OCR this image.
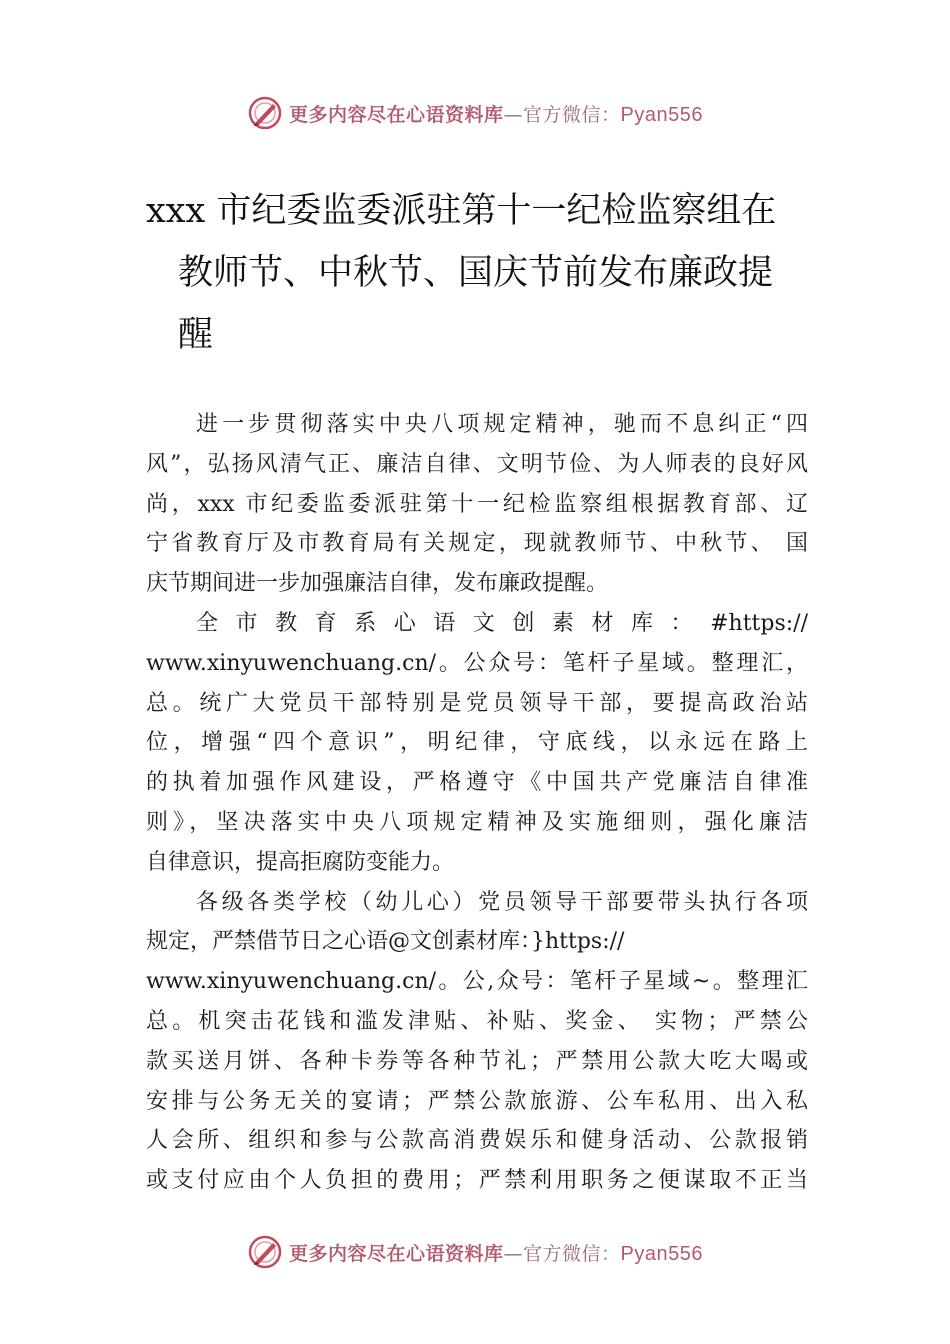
更多内容尽在心语资料库—官方微信：Pyan556
xxx 市纪委监委派驻第十一纪检监察组在
教师节、中秋节、国庆节前发布廉政提
醒
进一步贯彻落实中央八项规定精神，驰而不息纠正“四
风”，弘扬风清气正、廉洁自律、文明节俭、为人师表的良好风
尚，xxx 市纪委监委派驻第十一纪检监察组根据教育部、辽
宁省教育厅及市教育局有关规定，现就教师节、中秋节、 国
庆节期间进一步加强廉洁自律，发布廉政提醒。
全 市 教 育 系 心 语 文 创 素 材 库 ： #https://
www.xinyuwenchuang.cn/。公众号：笔杆子星域。整理汇，
总。统广大党员干部特别是党员领导干部，要提高政治站
位，增强“四个意识”，明纪律，守底线，以永远在路上
的执着加强作风建设，严格遵守《中国共产党廉洁自律准
则》，坚决落实中央八项规定精神及实施细则，强化廉洁
自律意识，提高拒腐防变能力。
各级各类学校（幼儿心）党员领导干部要带头执行各项
规定，严禁借节日之心语@文创素材库：}https://
www.xinyuwenchuang.cn/。公,众号：笔杆子星域~。整理汇
总。机突击花钱和滥发津贴、补贴、奖金、 实物；严禁公
款买送月饼、各种卡券等各种节礼；严禁用公款大吃大喝或
安排与公务无关的宴请；严禁公款旅游、公车私用、出入私
人会所、组织和参与公款高消费娱乐和健身活动、公款报销
或支付应由个人负担的费用；严禁利用职务之便谋取不正当
更多内容尽在心语资料库—官方微信：Pyan556
